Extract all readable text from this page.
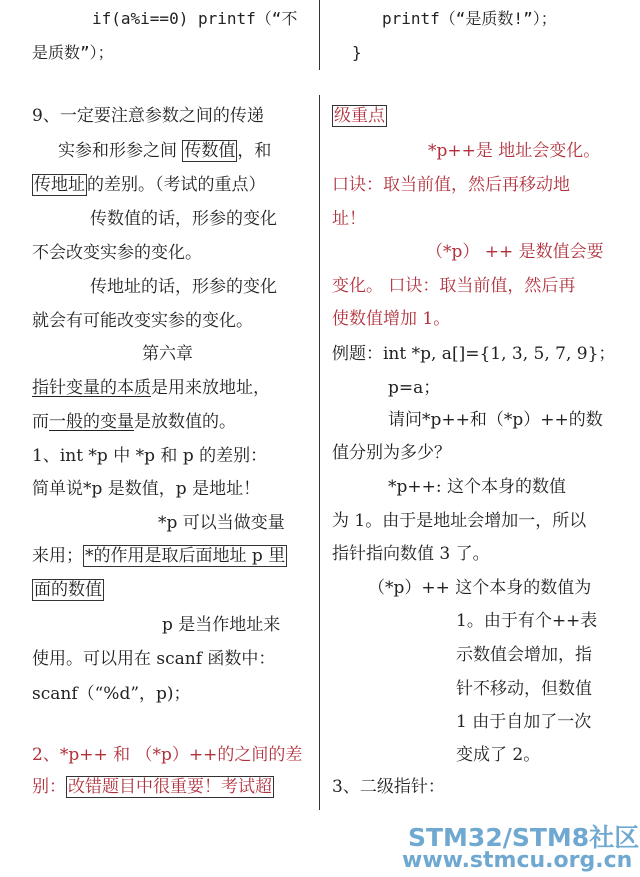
if(a%i==0) printf（“不
是质数”）；
9、一定要注意参数之间的传递
实参和形参之间 传数值 ，和
传地址 的差别。（考试的重点）
传数值的话，形参的变化
不会改变实参的变化。
传地址的话，形参的变化
就会有可能改变实参的变化。
第六章
指针变量的本质是用来放地址，
而一般的变量是放数值的。
1、int *p 中 *p 和 p 的差别：
简单说*p 是数值，p 是地址！
*p 可以当做变量
来用； *的作用是取后面地址 p 里
面的数值
p 是当作地址来
使用。可以用在 scanf 函数中：
scanf（“%d”，p)；
2、*p++ 和 （*p）++的之间的差
别： 改错题目中很重要！考试超
printf（“是质数!”）；
}
级重点
*p++是 地址会变化。
口诀：取当前值，然后再移动地
址！
（*p） ++ 是数值会要
变化。 口诀：取当前值，然后再
使数值增加 1。
例题：int *p, a[]={1, 3, 5, 7, 9}；
p=a；
请问*p++和（*p）++的数
值分别为多少？
*p++: 这个本身的数值
为 1。由于是地址会增加一，所以
指针指向数值 3 了。
（*p）++ 这个本身的数值为
1。由于有个++表
示数值会增加，指
针不移动，但数值
1 由于自加了一次
变成了 2。
3、二级指针：
STM32/STM8社区
www.stmcu.org.cn
